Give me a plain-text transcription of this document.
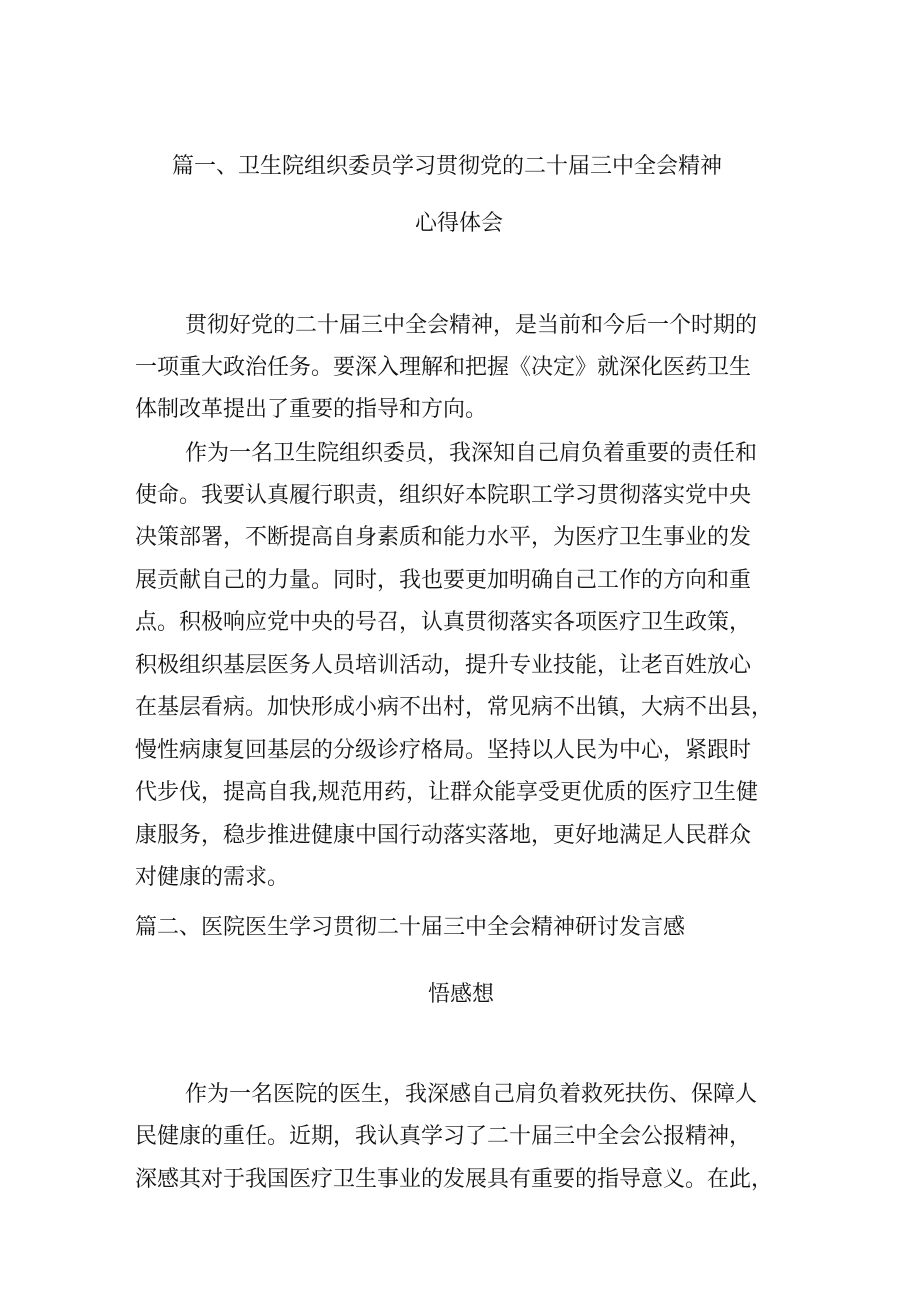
篇一、卫生院组织委员学习贯彻党的二十届三中全会精神
心得体会
贯彻好党的二十届三中全会精神，是当前和今后一个时期的
一项重大政治任务。要深入理解和把握《决定》就深化医药卫生
体制改革提出了重要的指导和方向。
作为一名卫生院组织委员，我深知自己肩负着重要的责任和
使命。我要认真履行职责，组织好本院职工学习贯彻落实党中央
决策部署，不断提高自身素质和能力水平，为医疗卫生事业的发
展贡献自己的力量。同时，我也要更加明确自己工作的方向和重
点。积极响应党中央的号召，认真贯彻落实各项医疗卫生政策，
积极组织基层医务人员培训活动，提升专业技能，让老百姓放心
在基层看病。加快形成小病不出村，常见病不出镇，大病不出县，
慢性病康复回基层的分级诊疗格局。坚持以人民为中心，紧跟时
代步伐，提高自我,规范用药，让群众能享受更优质的医疗卫生健
康服务，稳步推进健康中国行动落实落地，更好地满足人民群众
对健康的需求。
篇二、医院医生学习贯彻二十届三中全会精神研讨发言感
悟感想
作为一名医院的医生，我深感自己肩负着救死扶伤、保障人
民健康的重任。近期，我认真学习了二十届三中全会公报精神，
深感其对于我国医疗卫生事业的发展具有重要的指导意义。在此，
